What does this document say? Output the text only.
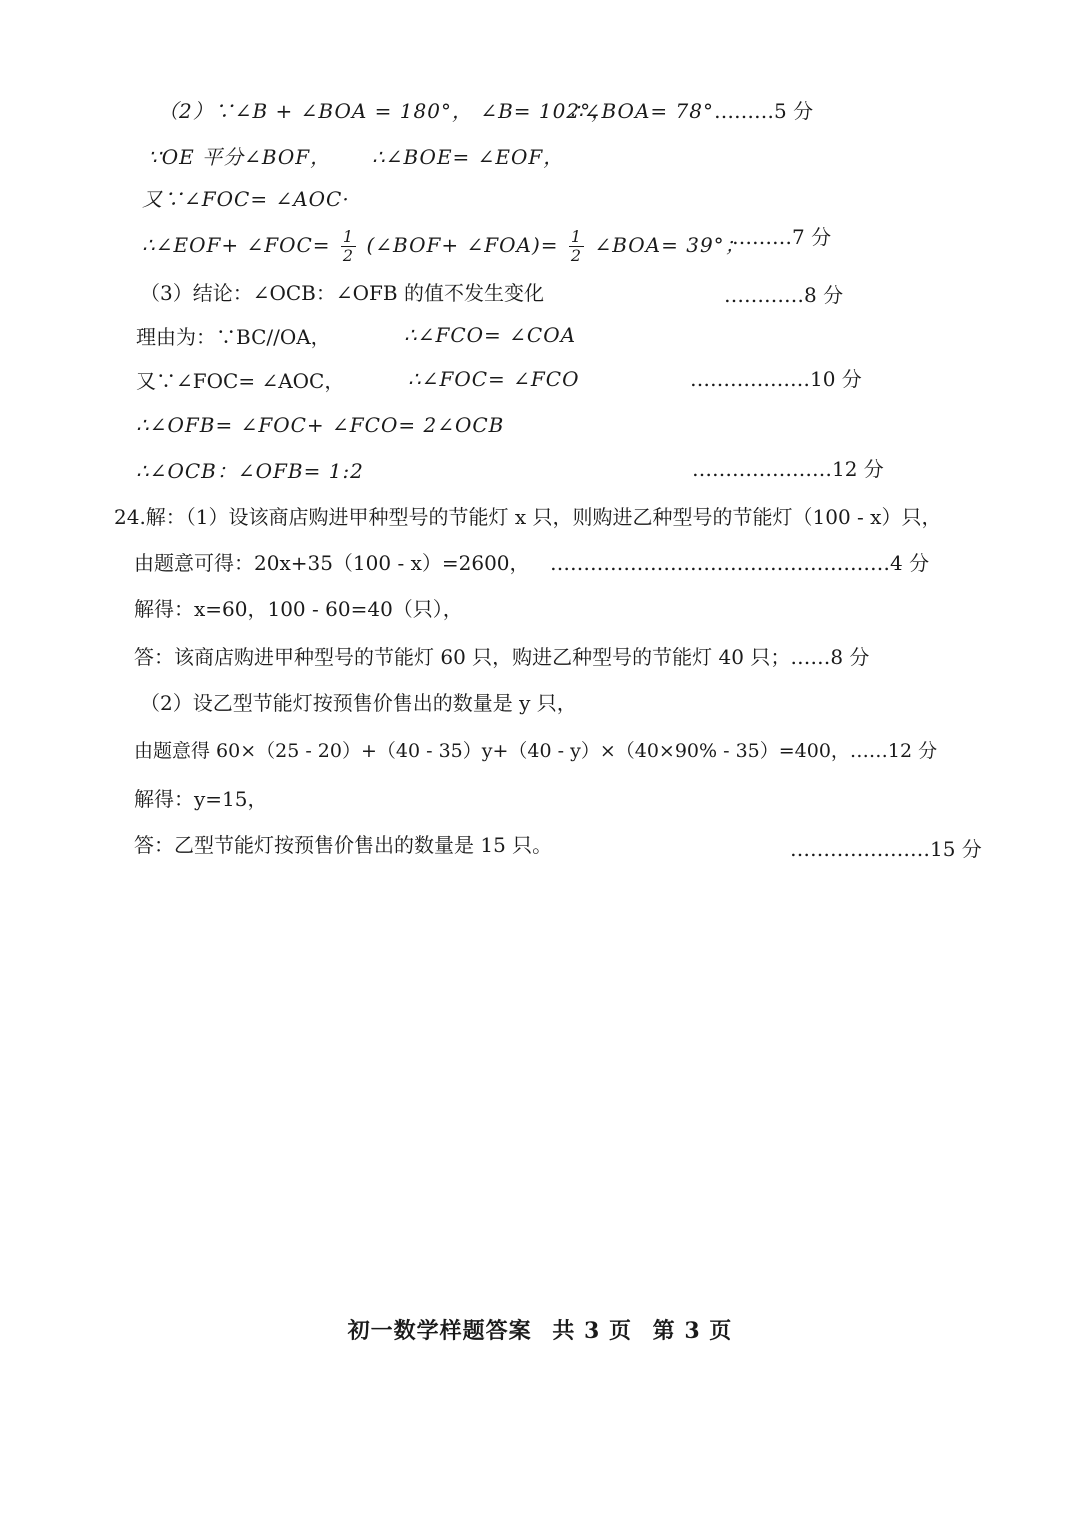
（2）∵∠B + ∠BOA = 180°， ∠B= 102°，
∴∠BOA= 78° ………5 分
∵OE 平分∠BOF， ∴∠BOE= ∠EOF，
又∵∠FOC= ∠AOC·
∴∠EOF+ ∠FOC= $\frac{1}{2}$ (∠BOF+ ∠FOA)= $\frac{1}{2}$ ∠BOA= 39°；
………7 分
（3）结论：∠OCB：∠OFB 的值不发生变化	…………8 分
理由为：∵BC//OA，	∴∠FCO= ∠COA
又∵∠FOC= ∠AOC，	∴∠FOC= ∠FCO	………………10 分
∴∠OFB= ∠FOC+ ∠FCO= 2∠OCB
∴∠OCB：∠OFB= 1:2	…………………12 分
24.解：（1）设该商店购进甲种型号的节能灯 x 只，则购进乙种型号的节能灯（100 - x）只，
由题意可得：20x+35（100 - x）=2600， ……………………………………………4 分
解得：x=60，100 - 60=40（只），
答：该商店购进甲种型号的节能灯 60 只，购进乙种型号的节能灯 40 只；……8 分
（2）设乙型节能灯按预售价售出的数量是 y 只，
由题意得 60×（25 - 20）+（40 - 35）y+（40 - y）×（40×90% - 35）=400，……12 分
解得：y=15，
答：乙型节能灯按预售价售出的数量是 15 只。	…………………15 分
初一数学样题答案 共 3 页 第 3 页
